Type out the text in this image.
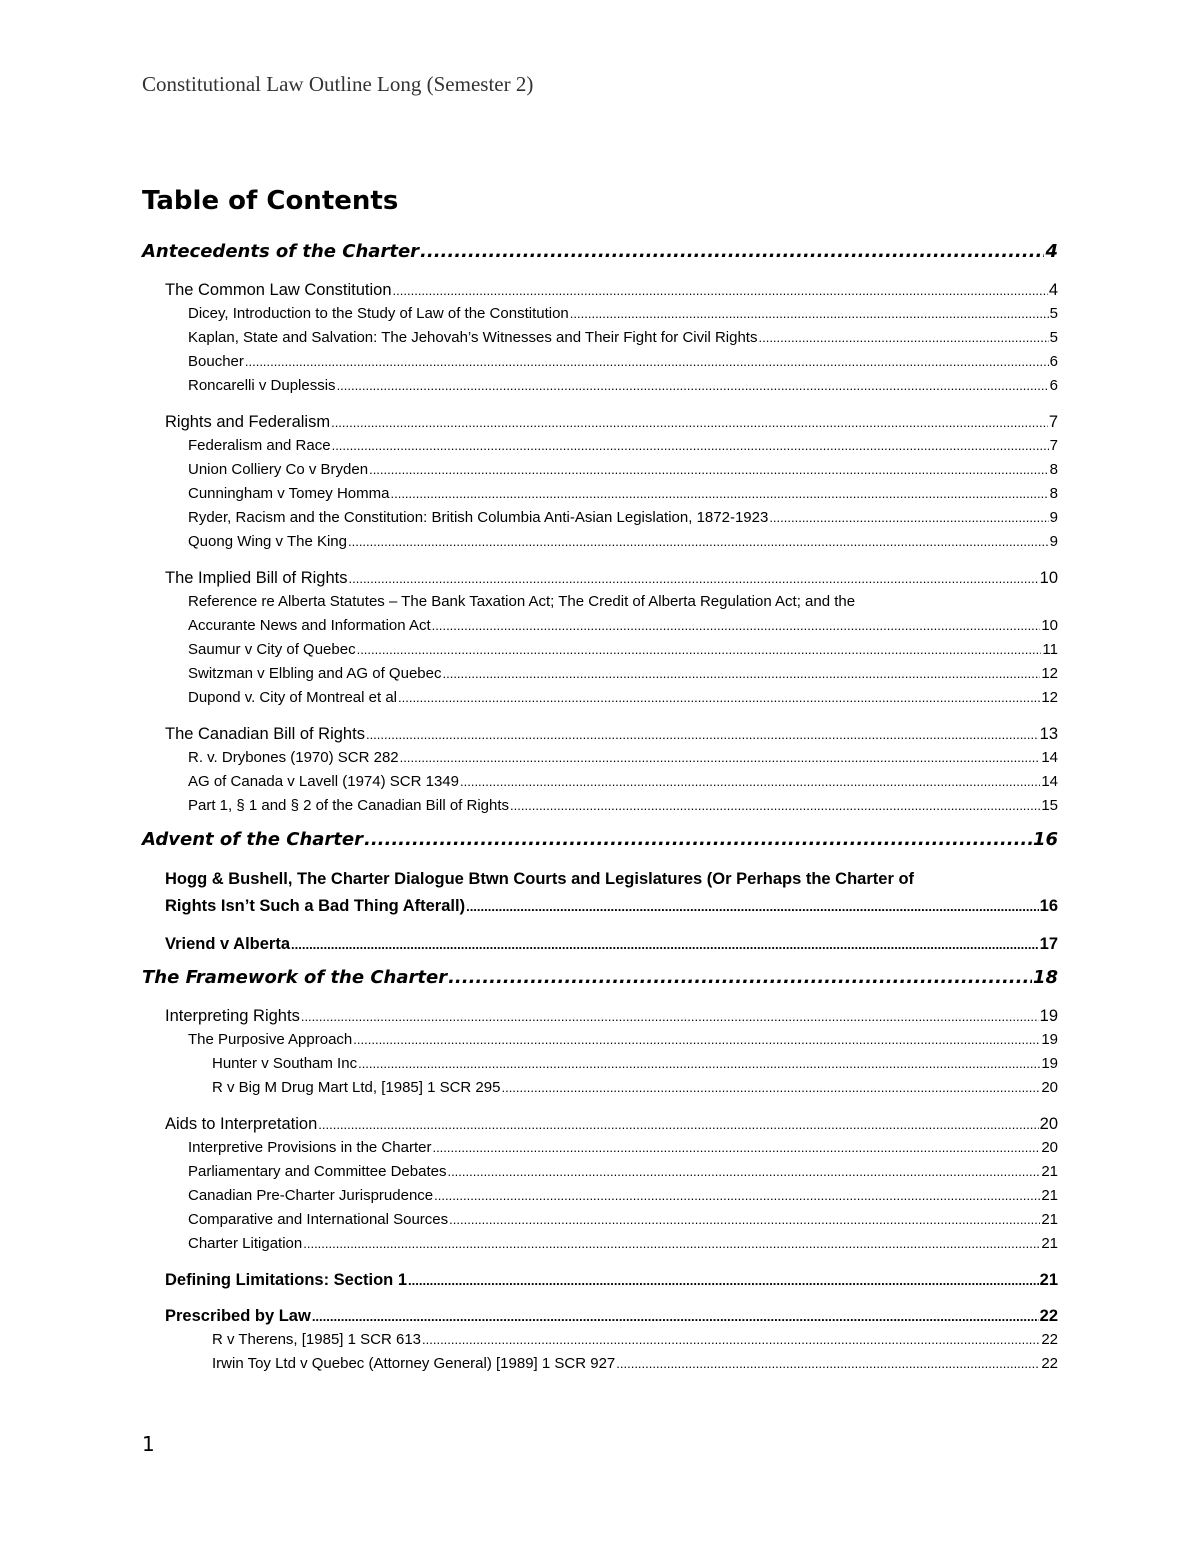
Constitutional Law Outline Long (Semester 2)
Table of Contents
Antecedents of the Charter .....	4
The Common Law Constitution .....	4
Dicey, Introduction to the Study of Law of the Constitution .....	5
Kaplan, State and Salvation: The Jehovah’s Witnesses and Their Fight for Civil Rights .....	5
Boucher .....	6
Roncarelli v Duplessis .....	6
Rights and Federalism .....	7
Federalism and Race .....	7
Union Colliery Co v Bryden .....	8
Cunningham v Tomey Homma .....	8
Ryder, Racism and the Constitution: British Columbia Anti-Asian Legislation, 1872-1923 .....	9
Quong Wing v The King .....	9
The Implied Bill of Rights .....	10
Reference re Alberta Statutes – The Bank Taxation Act; The Credit of Alberta Regulation Act; and the
Accurante News and Information Act .....	10
Saumur v City of Quebec .....	11
Switzman v Elbling and AG of Quebec .....	12
Dupond v. City of Montreal et al .....	12
The Canadian Bill of Rights .....	13
R. v. Drybones (1970) SCR 282 .....	14
AG of Canada v Lavell (1974) SCR 1349 .....	14
Part 1, § 1 and § 2 of the Canadian Bill of Rights .....	15
Advent of the Charter .....	16
Hogg & Bushell, The Charter Dialogue Btwn Courts and Legislatures (Or Perhaps the Charter of
Rights Isn’t Such a Bad Thing Afterall) .....	16
Vriend v Alberta .....	17
The Framework of the Charter .....	18
Interpreting Rights .....	19
The Purposive Approach .....	19
Hunter v Southam Inc .....	19
R v Big M Drug Mart Ltd, [1985] 1 SCR 295 .....	20
Aids to Interpretation .....	20
Interpretive Provisions in the Charter .....	20
Parliamentary and Committee Debates .....	21
Canadian Pre-Charter Jurisprudence .....	21
Comparative and International Sources .....	21
Charter Litigation .....	21
Defining Limitations: Section 1 .....	21
Prescribed by Law .....	22
R v Therens, [1985] 1 SCR 613 .....	22
Irwin Toy Ltd v Quebec (Attorney General) [1989] 1 SCR 927 .....	22
1
